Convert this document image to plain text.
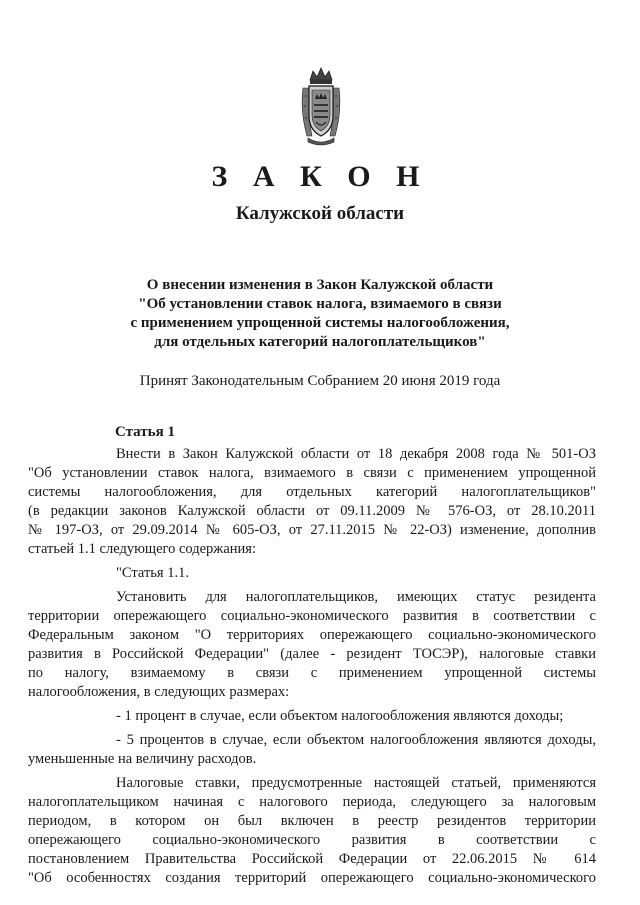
З А К О Н
Калужской области
О внесении изменения в Закон Калужской области
"Об установлении ставок налога, взимаемого в связи
с применением упрощенной системы налогообложения,
для отдельных категорий налогоплательщиков"
Принят Законодательным Собранием 20 июня 2019 года
Статья 1

Внести в Закон Калужской области от 18 декабря 2008 года № 501-ОЗ
"Об установлении ставок налога, взимаемого в связи с применением упрощенной
системы налогообложения, для отдельных категорий налогоплательщиков"
(в редакции законов Калужской области от 09.11.2009 № 576-ОЗ, от 28.10.2011
№ 197-ОЗ, от 29.09.2014 № 605-ОЗ, от 27.11.2015 № 22-ОЗ) изменение, дополнив
статьей 1.1 следующего содержания:

"Статья 1.1.

Установить для налогоплательщиков, имеющих статус резидента
территории опережающего социально-экономического развития в соответствии с
Федеральным законом "О территориях опережающего социально-экономического
развития в Российской Федерации" (далее - резидент ТОСЭР), налоговые ставки
по налогу, взимаемому в связи с применением упрощенной системы
налогообложения, в следующих размерах:

- 1 процент в случае, если объектом налогообложения являются доходы;

- 5 процентов в случае, если объектом налогообложения являются доходы,
уменьшенные на величину расходов.

Налоговые ставки, предусмотренные настоящей статьей, применяются
налогоплательщиком начиная с налогового периода, следующего за налоговым
периодом, в котором он был включен в реестр резидентов территории
опережающего социально-экономического развития в соответствии с
постановлением Правительства Российской Федерации от 22.06.2015 № 614
"Об особенностях создания территорий опережающего социально-экономического
